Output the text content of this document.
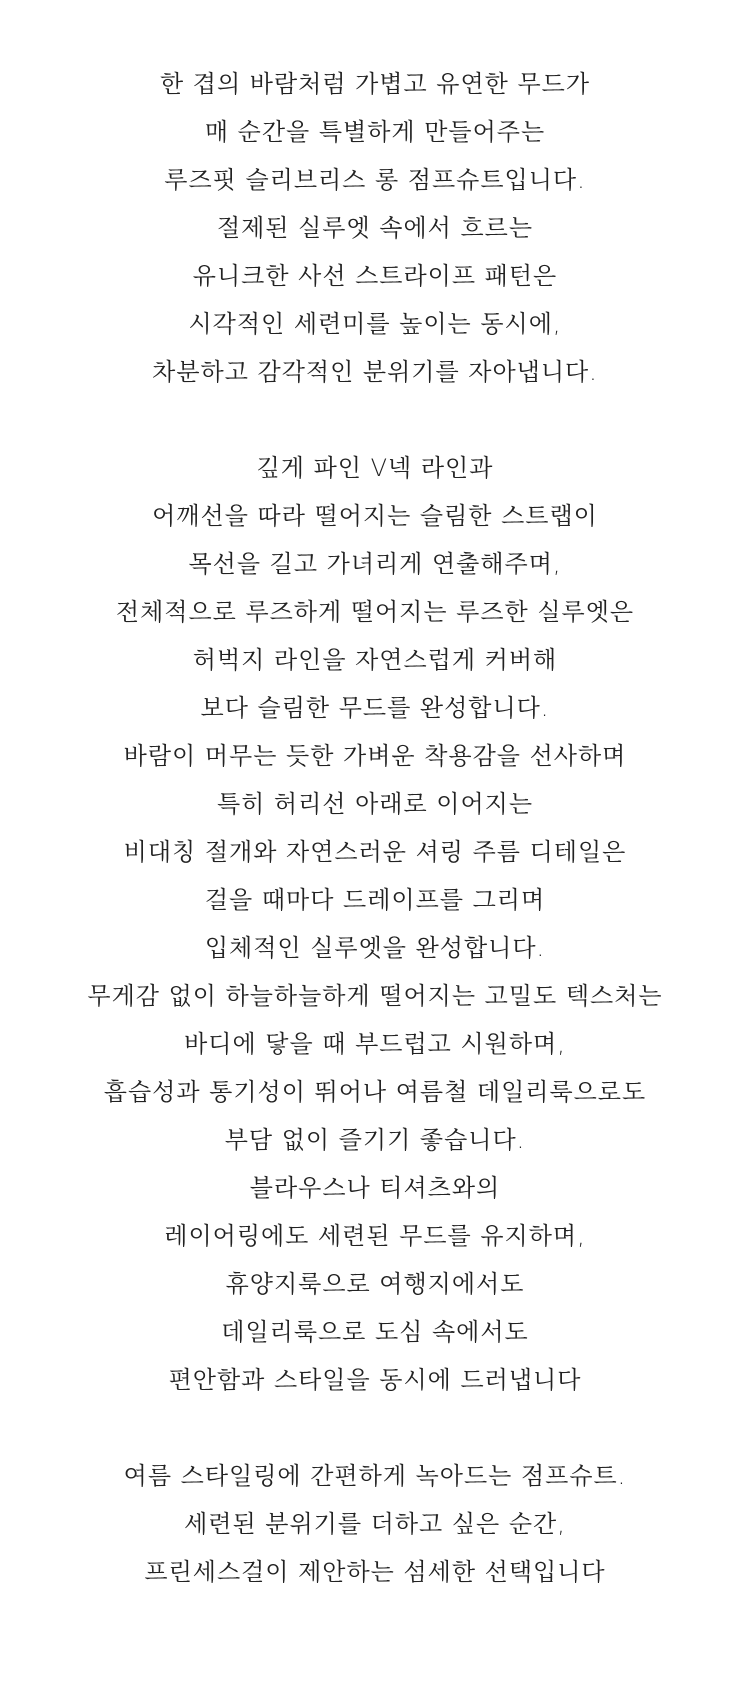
한 겹의 바람처럼 가볍고 유연한 무드가
매 순간을 특별하게 만들어주는
루즈핏 슬리브리스 롱 점프슈트입니다.
절제된 실루엣 속에서 흐르는
유니크한 사선 스트라이프 패턴은
시각적인 세련미를 높이는 동시에,
차분하고 감각적인 분위기를 자아냅니다.
깊게 파인 V넥 라인과
어깨선을 따라 떨어지는 슬림한 스트랩이
목선을 길고 가녀리게 연출해주며,
전체적으로 루즈하게 떨어지는 루즈한 실루엣은
허벅지 라인을 자연스럽게 커버해
보다 슬림한 무드를 완성합니다.
바람이 머무는 듯한 가벼운 착용감을 선사하며
특히 허리선 아래로 이어지는
비대칭 절개와 자연스러운 셔링 주름 디테일은
걸을 때마다 드레이프를 그리며
입체적인 실루엣을 완성합니다.
무게감 없이 하늘하늘하게 떨어지는 고밀도 텍스처는
바디에 닿을 때 부드럽고 시원하며,
흡습성과 통기성이 뛰어나 여름철 데일리룩으로도
부담 없이 즐기기 좋습니다.
블라우스나 티셔츠와의
레이어링에도 세련된 무드를 유지하며,
휴양지룩으로 여행지에서도
데일리룩으로 도심 속에서도
편안함과 스타일을 동시에 드러냅니다
여름 스타일링에 간편하게 녹아드는 점프슈트.
세련된 분위기를 더하고 싶은 순간,
프린세스걸이 제안하는 섬세한 선택입니다
